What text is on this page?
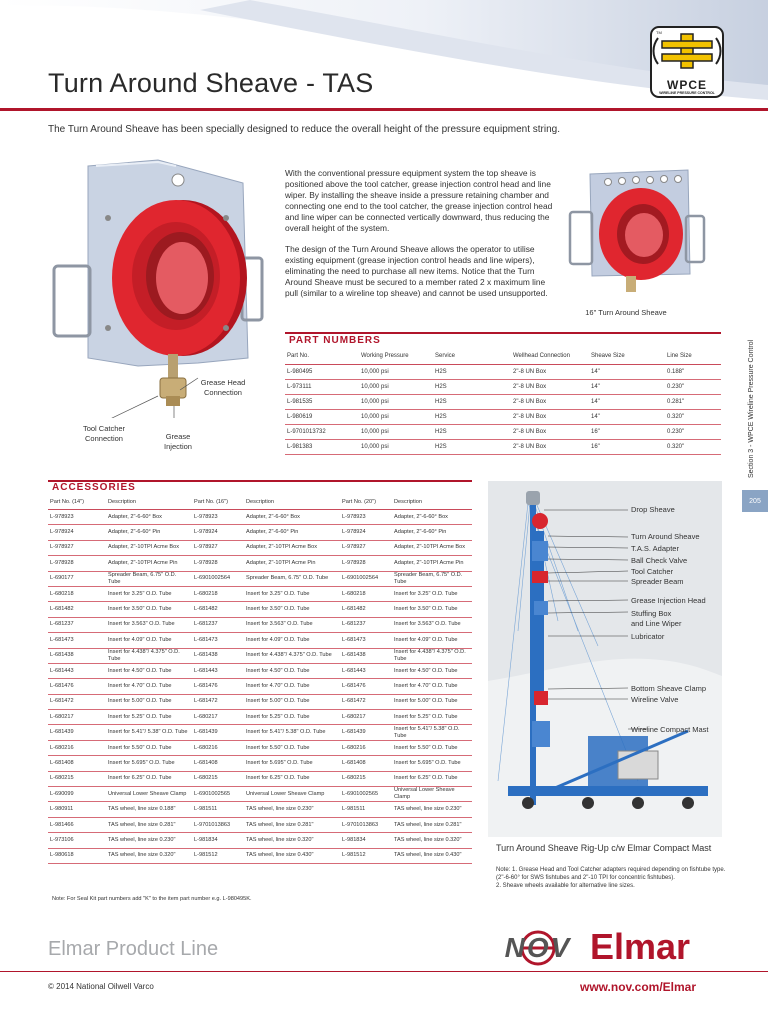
TM
WPCE
WIRELINE PRESSURE CONTROL
Turn Around Sheave - TAS
The Turn Around Sheave has been specially designed to reduce the overall height of the pressure equipment string.
Grease Head Connection
Tool Catcher Connection	Grease Injection

With the conventional pressure equipment system the top sheave is positioned above the tool catcher, grease injection control head and line wiper. By installing the sheave inside a pressure retaining chamber and connecting one end to the tool catcher, the grease injection control head and line wiper can be connected vertically downward, thus reducing the overall height of the system.

The design of the Turn Around Sheave allows the operator to utilise existing equipment (grease injection control heads and line wipers), eliminating the need to purchase all new items. Notice that the Turn Around Sheave must be secured to a member rated 2 x maximum line pull (similar to a wireline top sheave) and cannot be used unsupported.

16" Turn Around Sheave
Section 3 - WPCE Wireline Pressure Control
205
PART NUMBERS
Part No.	Working Pressure	Service	Wellhead Connection	Sheave Size	Line Size
L-980495	10,000 psi	H2S	2"-8 UN Box	14"	0.188"
L-973111	10,000 psi	H2S	2"-8 UN Box	14"	0.230"
L-981535	10,000 psi	H2S	2"-8 UN Box	14"	0.281"
L-980619	10,000 psi	H2S	2"-8 UN Box	14"	0.320"
L-9701013732	10,000 psi	H2S	2"-8 UN Box	16"	0.230"
L-981383	10,000 psi	H2S	2"-8 UN Box	16"	0.320"
ACCESSORIES
Part No. (14")	Description	Part No. (16")	Description	Part No. (20")	Description
L-978923	Adapter, 2"-6-60° Box	L-978923	Adapter, 2"-6-60° Box	L-978923	Adapter, 2"-6-60° Box
L-978924	Adapter, 2"-6-60° Pin	L-978924	Adapter, 2"-6-60° Pin	L-978924	Adapter, 2"-6-60° Pin
L-978927	Adapter, 2"-10TPI Acme Box	L-978927	Adapter, 2"-10TPI Acme Box	L-978927	Adapter, 2"-10TPI Acme Box
L-978928	Adapter, 2"-10TPI Acme Pin	L-978928	Adapter, 2"-10TPI Acme Pin	L-978928	Adapter, 2"-10TPI Acme Pin
L-690177	Spreader Beam, 6.75" O.D. Tube	L-6901002564	Spreader Beam, 6.75" O.D. Tube	L-6901002564	Spreader Beam, 6.75" O.D. Tube
L-680218	Insert for 3.25" O.D. Tube	L-680218	Insert for 3.25" O.D. Tube	L-680218	Insert for 3.25" O.D. Tube
L-681482	Insert for 3.50" O.D. Tube	L-681482	Insert for 3.50" O.D. Tube	L-681482	Insert for 3.50" O.D. Tube
L-681237	Insert for 3.563" O.D. Tube	L-681237	Insert for 3.563" O.D. Tube	L-681237	Insert for 3.563" O.D. Tube
L-681473	Insert for 4.09" O.D. Tube	L-681473	Insert for 4.09" O.D. Tube	L-681473	Insert for 4.09" O.D. Tube
L-681438	Insert for 4.438"/ 4.375" O.D. Tube	L-681438	Insert for 4.438"/ 4.375" O.D. Tube	L-681438	Insert for 4.438"/ 4.375" O.D. Tube
L-681443	Insert for 4.50" O.D. Tube	L-681443	Insert for 4.50" O.D. Tube	L-681443	Insert for 4.50" O.D. Tube
L-681476	Insert for 4.70" O.D. Tube	L-681476	Insert for 4.70" O.D. Tube	L-681476	Insert for 4.70" O.D. Tube
L-681472	Insert for 5.00" O.D. Tube	L-681472	Insert for 5.00" O.D. Tube	L-681472	Insert for 5.00" O.D. Tube
L-680217	Insert for 5.25" O.D. Tube	L-680217	Insert for 5.25" O.D. Tube	L-680217	Insert for 5.25" O.D. Tube
L-681439	Insert for 5.41"/ 5.38" O.D. Tube	L-681439	Insert for 5.41"/ 5.38" O.D. Tube	L-681439	Insert for 5.41"/ 5.38" O.D. Tube
L-680216	Insert for 5.50" O.D. Tube	L-680216	Insert for 5.50" O.D. Tube	L-680216	Insert for 5.50" O.D. Tube
L-681408	Insert for 5.695" O.D. Tube	L-681408	Insert for 5.695" O.D. Tube	L-681408	Insert for 5.695" O.D. Tube
L-680215	Insert for 6.25" O.D. Tube	L-680215	Insert for 6.25" O.D. Tube	L-680215	Insert for 6.25" O.D. Tube
L-690099	Universal Lower Sheave Clamp	L-6901002565	Universal Lower Sheave Clamp	L-6901002565	Universal Lower Sheave Clamp
L-980911	TAS wheel, line size 0.188"	L-981511	TAS wheel, line size 0.230"	L-981511	TAS wheel, line size 0.230"
L-981466	TAS wheel, line size 0.281"	L-9701013863	TAS wheel, line size 0.281"	L-9701013863	TAS wheel, line size 0.281"
L-973106	TAS wheel, line size 0.230"	L-981834	TAS wheel, line size 0.320"	L-981834	TAS wheel, line size 0.320"
L-980618	TAS wheel, line size 0.320"	L-981512	TAS wheel, line size 0.430"	L-981512	TAS wheel, line size 0.430"
Note: For Seal Kit part numbers add "K" to the item part number e.g. L-980495K.
Drop Sheave
Turn Around Sheave
T.A.S. Adapter
Ball Check Valve
Tool Catcher
Spreader Beam
Grease Injection Head
Stuffing Box
and Line Wiper
Lubricator
Bottom Sheave Clamp
Wireline Valve
Wireline Compact Mast
Turn Around Sheave Rig-Up c/w Elmar Compact Mast

Note: 1. Grease Head and Tool Catcher adapters required depending on fishtube type. (2"-6-60° for SWS fishtubes and 2"-10 TPI for concentric fishtubes).

2. Sheave wheels available for alternative line sizes.

Elmar Product Line	NOV Elmar
© 2014 National Oilwell Varco	www.nov.com/Elmar
